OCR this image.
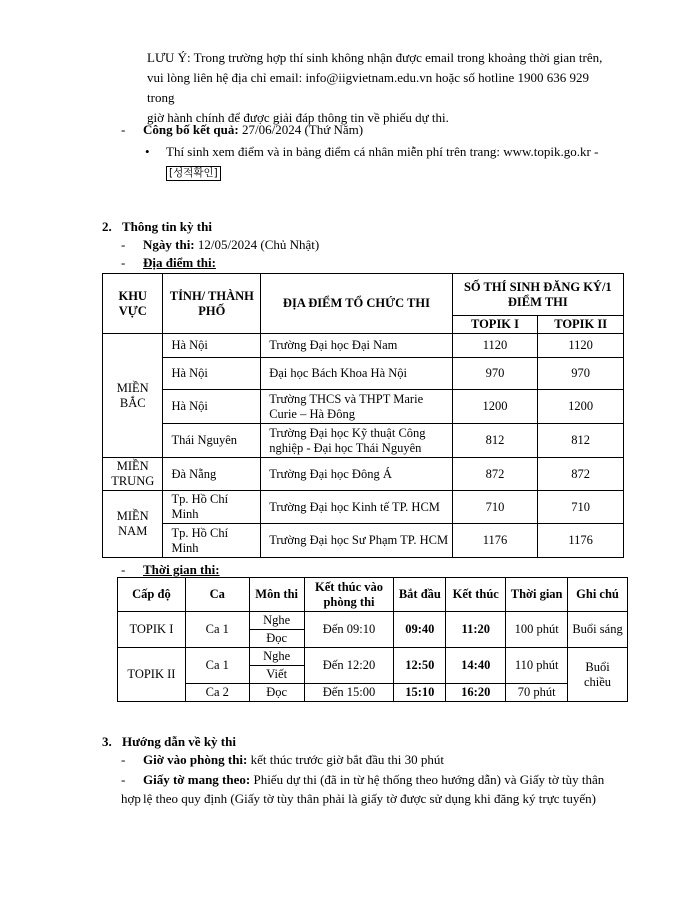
LƯU Ý: Trong trường hợp thí sinh không nhận được email trong khoảng thời gian trên,

vui lòng liên hệ địa chỉ email: info@iigvietnam.edu.vn hoặc số hotline 1900 636 929 trong

giờ hành chính để được giải đáp thông tin về phiếu dự thi.

- Công bố kết quả: 27/06/2024 (Thứ Năm)
• Thí sinh xem điểm và in bảng điểm cá nhân miễn phí trên trang: www.topik.go.kr -
[성적확인]
2. Thông tin kỳ thi
- Ngày thi: 12/05/2024 (Chủ Nhật)
- Địa điểm thi:
KHU VỰC	TỈNH/ THÀNH PHỐ	ĐỊA ĐIỂM TỔ CHỨC THI	SỐ THÍ SINH ĐĂNG KÝ/1 ĐIỂM THI	
			TOPIK I	TOPIK II
MIỀN BẮC	Hà Nội	Trường Đại học Đại Nam	1120	1120
	Hà Nội	Đại học Bách Khoa Hà Nội	970	970
	Hà Nội	Trường THCS và THPT Marie Curie – Hà Đông	1200	1200
	Thái Nguyên	Trường Đại học Kỹ thuật Công nghiệp - Đại học Thái Nguyên	812	812
MIỀN TRUNG	Đà Nẵng	Trường Đại học Đông Á	872	872
MIỀN NAM	Tp. Hồ Chí Minh	Trường Đại học Kinh tế TP. HCM	710	710
	Tp. Hồ Chí Minh	Trường Đại học Sư Phạm TP. HCM	1176	1176
- Thời gian thi:
Cấp độ	Ca	Môn thi	Kết thúc vào phòng thi	Bắt đầu	Kết thúc	Thời gian	Ghi chú
TOPIK I	Ca 1	Nghe	Đến 09:10	09:40	11:20	100 phút	Buổi sáng
		Đọc					
TOPIK II	Ca 1	Nghe	Đến 12:20	12:50	14:40	110 phút	Buổi chiều
		Viết					
	Ca 2	Đọc	Đến 15:00	15:10	16:20	70 phút	
3. Hướng dẫn về kỳ thi
- Giờ vào phòng thi: kết thúc trước giờ bắt đầu thi 30 phút
- Giấy tờ mang theo: Phiếu dự thi (đã in từ hệ thống theo hướng dẫn) và Giấy tờ tùy thân hợp lệ theo quy định (Giấy tờ tùy thân phải là giấy tờ được sử dụng khi đăng ký trực tuyến)
